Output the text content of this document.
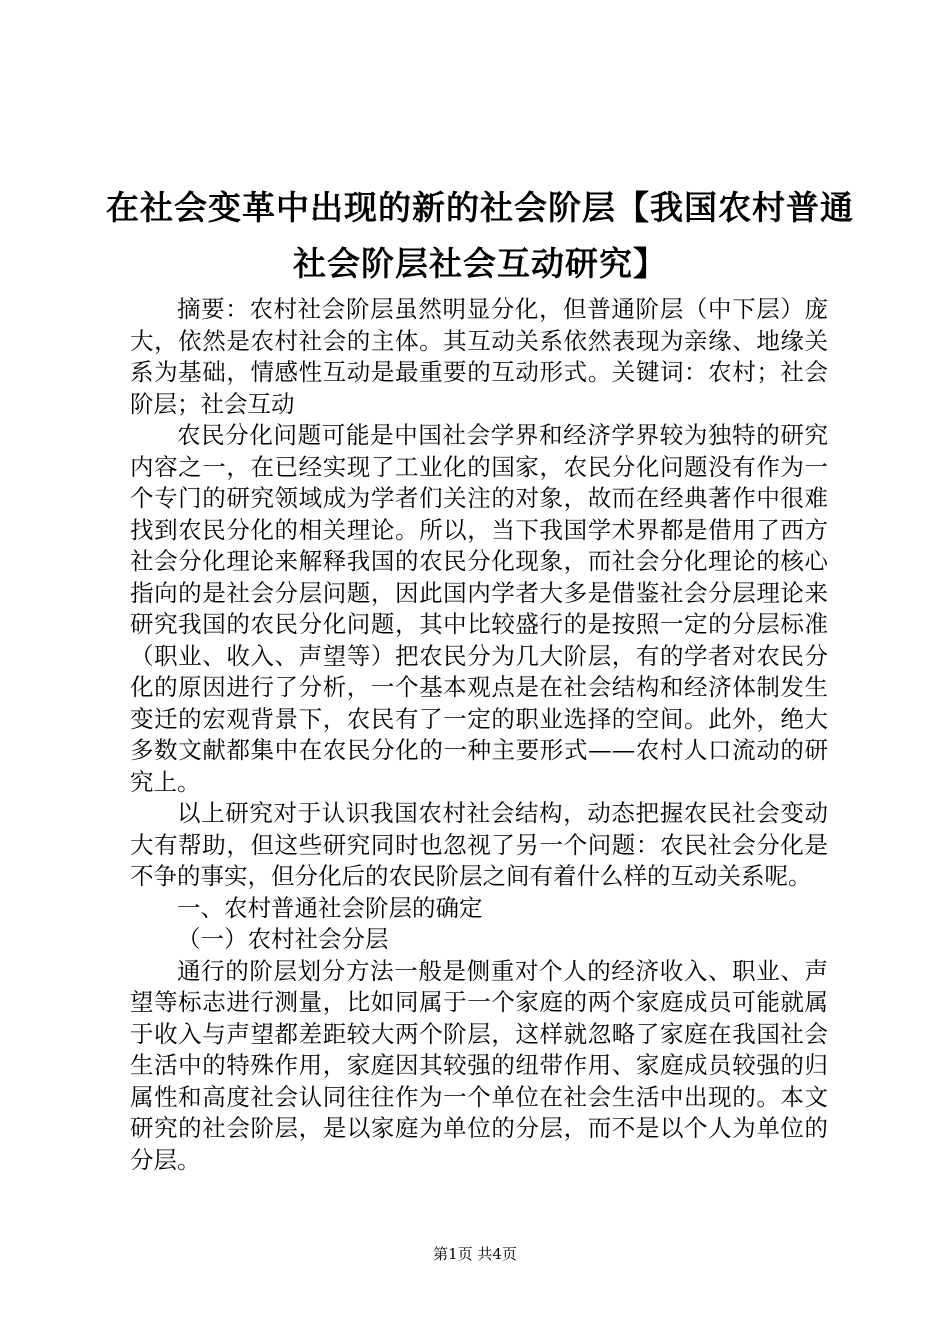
在社会变革中出现的新的社会阶层【我国农村普通社会阶层社会互动研究】

摘要：农村社会阶层虽然明显分化，但普通阶层（中下层）庞大，依然是农村社会的主体。其互动关系依然表现为亲缘、地缘关系为基础，情感性互动是最重要的互动形式。关键词：农村；社会阶层；社会互动

农民分化问题可能是中国社会学界和经济学界较为独特的研究内容之一，在已经实现了工业化的国家，农民分化问题没有作为一个专门的研究领域成为学者们关注的对象，故而在经典著作中很难找到农民分化的相关理论。所以，当下我国学术界都是借用了西方社会分化理论来解释我国的农民分化现象，而社会分化理论的核心指向的是社会分层问题，因此国内学者大多是借鉴社会分层理论来研究我国的农民分化问题，其中比较盛行的是按照一定的分层标准（职业、收入、声望等）把农民分为几大阶层，有的学者对农民分化的原因进行了分析，一个基本观点是在社会结构和经济体制发生变迁的宏观背景下，农民有了一定的职业选择的空间。此外，绝大多数文献都集中在农民分化的一种主要形式——农村人口流动的研究上。

以上研究对于认识我国农村社会结构，动态把握农民社会变动大有帮助，但这些研究同时也忽视了另一个问题：农民社会分化是不争的事实，但分化后的农民阶层之间有着什么样的互动关系呢。

一、农村普通社会阶层的确定

（一）农村社会分层

通行的阶层划分方法一般是侧重对个人的经济收入、职业、声望等标志进行测量，比如同属于一个家庭的两个家庭成员可能就属于收入与声望都差距较大两个阶层，这样就忽略了家庭在我国社会生活中的特殊作用，家庭因其较强的纽带作用、家庭成员较强的归属性和高度社会认同往往作为一个单位在社会生活中出现的。本文研究的社会阶层，是以家庭为单位的分层，而不是以个人为单位的分层。

第1页 共4页
